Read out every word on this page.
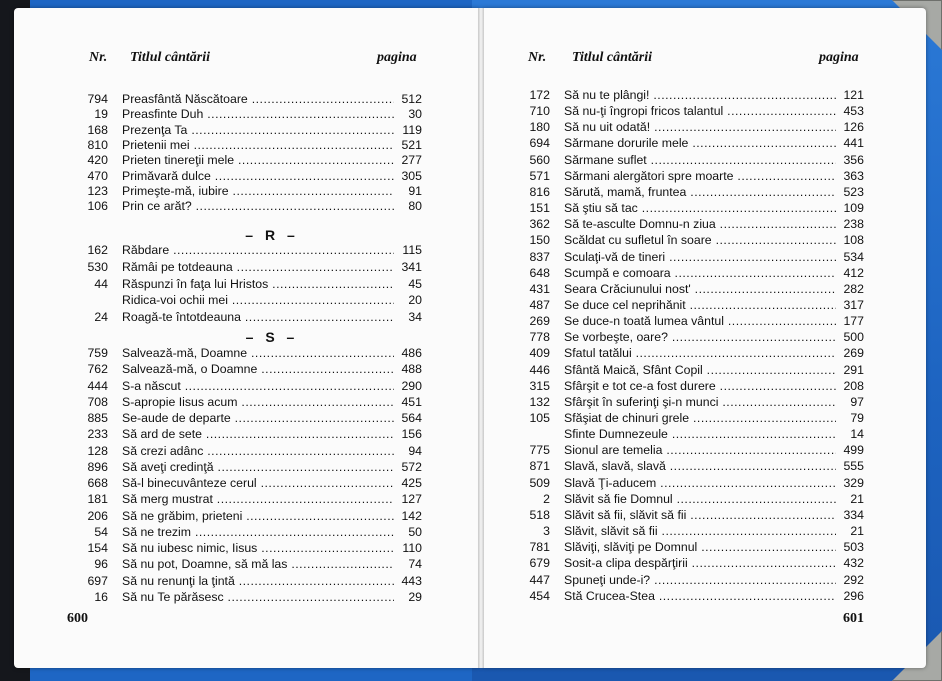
Nr. Titlul cântării	pagina	Nr. Titlul cântării	pagina
794 Preasfântă Născătoare .....	512
19 Preasfinte Duh .....	30
168 Prezenţa Ta .....	119
810 Prietenii mei .....	521
420 Prieten tinereţii mele .....	277
470 Primăvară dulce .....	305
123 Primeşte-mă, iubire .....	91
106 Prin ce arăt? .....	80
162 Răbdare .....	115
530 Rămâi pe totdeauna .....	341
44 Răspunzi în faţa lui Hristos .....	45
Ridica-voi ochii mei .....	20
24 Roagă-te întotdeauna .....	34
759 Salvează-mă, Doamne .....	486
762 Salvează-mă, o Doamne .....	488
444 S-a născut .....	290
708 S-apropie Iisus acum .....	451
885 Se-aude de departe .....	564
233 Să ard de sete .....	156
128 Să crezi adânc .....	94
896 Să aveţi credinţă .....	572
668 Să-l binecuvânteze cerul .....	425
181 Să merg mustrat .....	127
206 Să ne grăbim, prieteni .....	142
54 Să ne trezim .....	50
154 Să nu iubesc nimic, Iisus .....	110
96 Să nu pot, Doamne, să mă las .....	74
697 Să nu renunţi la ţintă .....	443
16 Să nu Te părăsesc .....	29
172 Să nu te plângi! .....	121
710 Să nu-ţi îngropi fricos talantul .....	453
180 Să nu uit odată! .....	126
694 Sărmane dorurile mele .....	441
560 Sărmane suflet .....	356
571 Sărmani alergători spre moarte .....	363
816 Sărută, mamă, fruntea .....	523
151 Să ştiu să tac .....	109
362 Să te-asculte Domnu-n ziua .....	238
150 Scăldat cu sufletul în soare .....	108
837 Sculaţi-vă de tineri .....	534
648 Scumpă e comoara .....	412
431 Seara Crăciunului nost' .....	282
487 Se duce cel neprihănit .....	317
269 Se duce-n toată lumea vântul .....	177
778 Se vorbeşte, oare? .....	500
409 Sfatul tatălui .....	269
446 Sfântă Maică, Sfânt Copil .....	291
315 Sfârşit e tot ce-a fost durere .....	208
132 Sfârşit în suferinţi şi-n munci .....	97
105 Sfăşiat de chinuri grele .....	79
Sfinte Dumnezeule .....	14
775 Sionul are temelia .....	499
871 Slavă, slavă, slavă .....	555
509 Slavă Ţi-aducem .....	329
2 Slăvit să fie Domnul .....	21
518 Slăvit să fii, slăvit să fii .....	334
3 Slăvit, slăvit să fii .....	21
781 Slăviţi, slăviţi pe Domnul .....	503
679 Sosit-a clipa despărţirii .....	432
447 Spuneţi unde-i? .....	292
454 Stă Crucea-Stea .....	296
– R –
– S –
600	601
